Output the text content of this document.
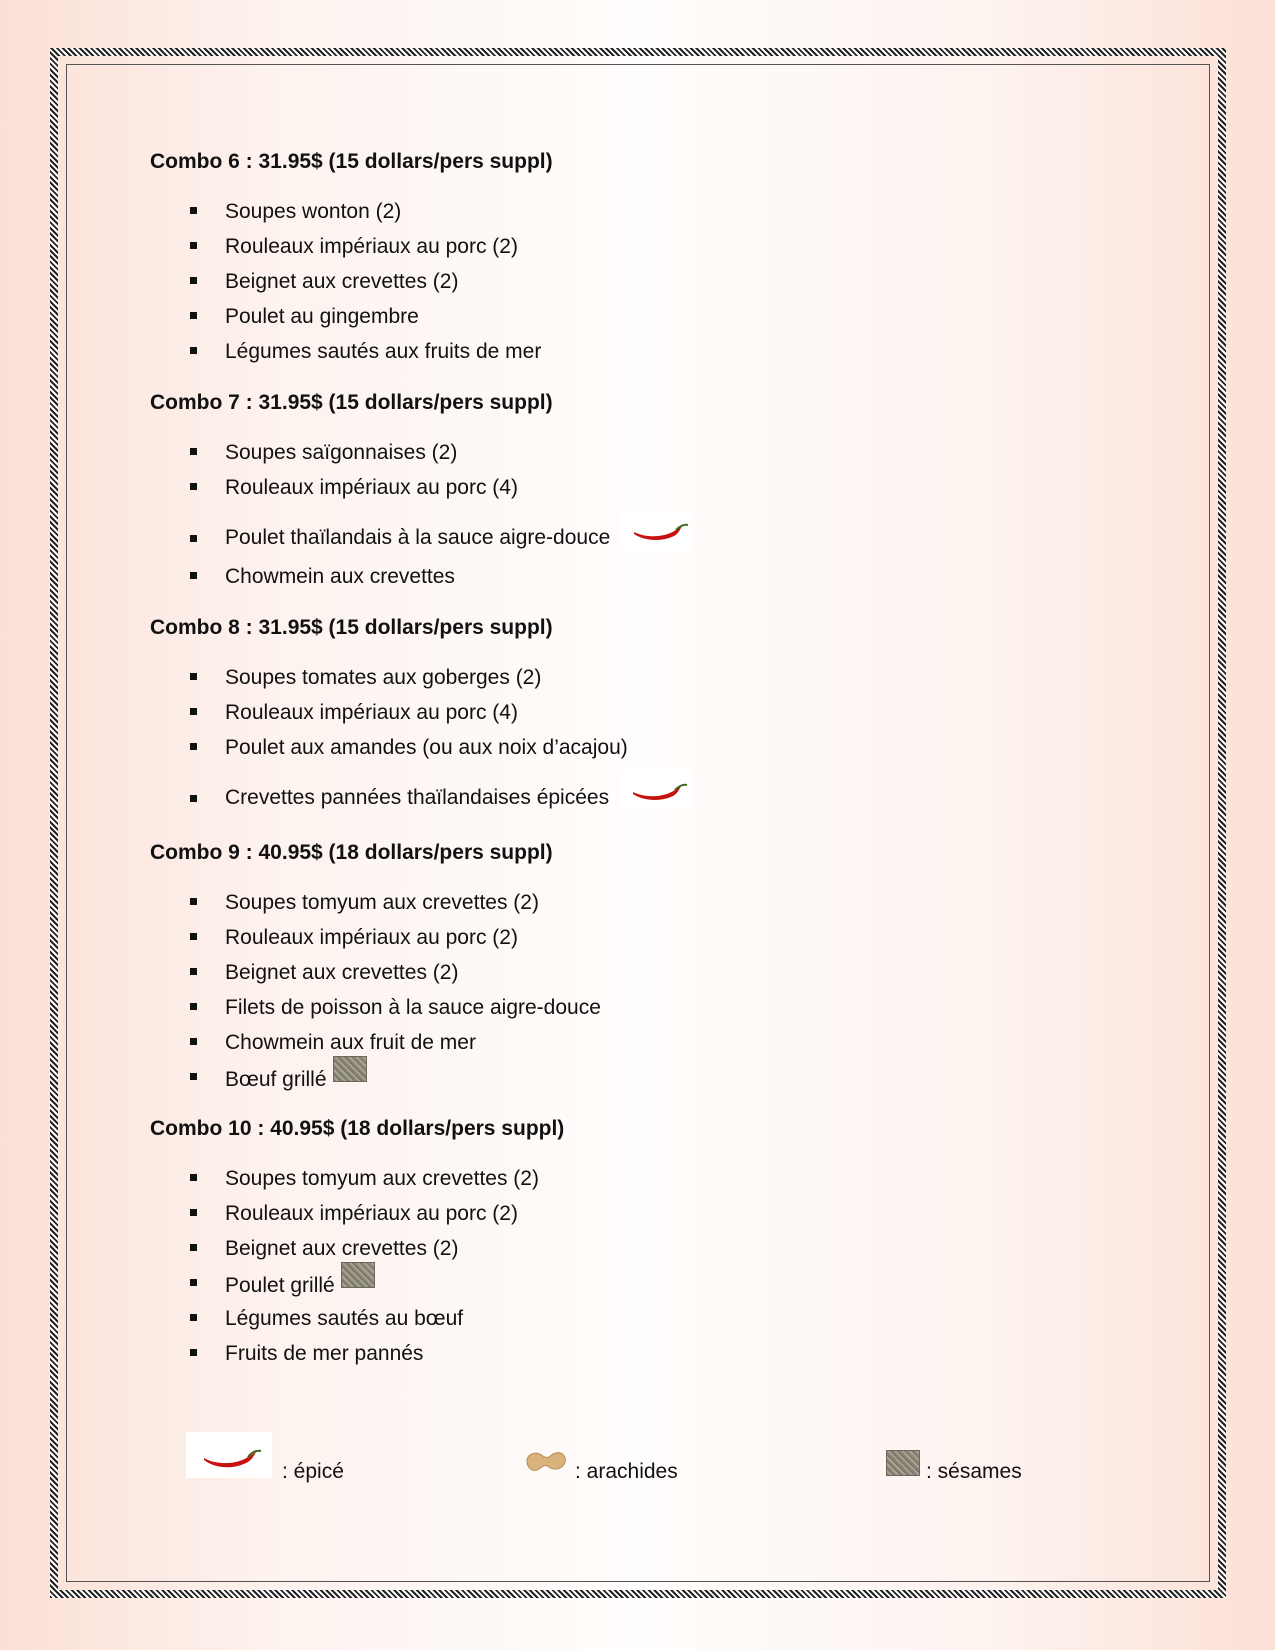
Combo 6 : 31.95$ (15 dollars/pers suppl)
Soupes wonton (2)
Rouleaux impériaux au porc (2)
Beignet aux crevettes (2)
Poulet au gingembre
Légumes sautés aux fruits de mer
Combo 7 : 31.95$ (15 dollars/pers suppl)
Soupes saïgonnaises (2)
Rouleaux impériaux au porc (4)
Poulet thaïlandais à la sauce aigre-douce
Chowmein aux crevettes
Combo 8 : 31.95$ (15 dollars/pers suppl)
Soupes tomates aux goberges (2)
Rouleaux impériaux au porc (4)
Poulet aux amandes (ou aux noix d’acajou)
Crevettes pannées thaïlandaises épicées
Combo 9 : 40.95$ (18 dollars/pers suppl)
Soupes tomyum aux crevettes (2)
Rouleaux impériaux au porc (2)
Beignet aux crevettes (2)
Filets de poisson à la sauce aigre-douce
Chowmein aux fruit de mer
Bœuf grillé
Combo 10 : 40.95$ (18 dollars/pers suppl)
Soupes tomyum aux crevettes (2)
Rouleaux impériaux au porc (2)
Beignet aux crevettes (2)
Poulet grillé
Légumes sautés au bœuf
Fruits de mer pannés
: épicé	: arachides	: sésames
